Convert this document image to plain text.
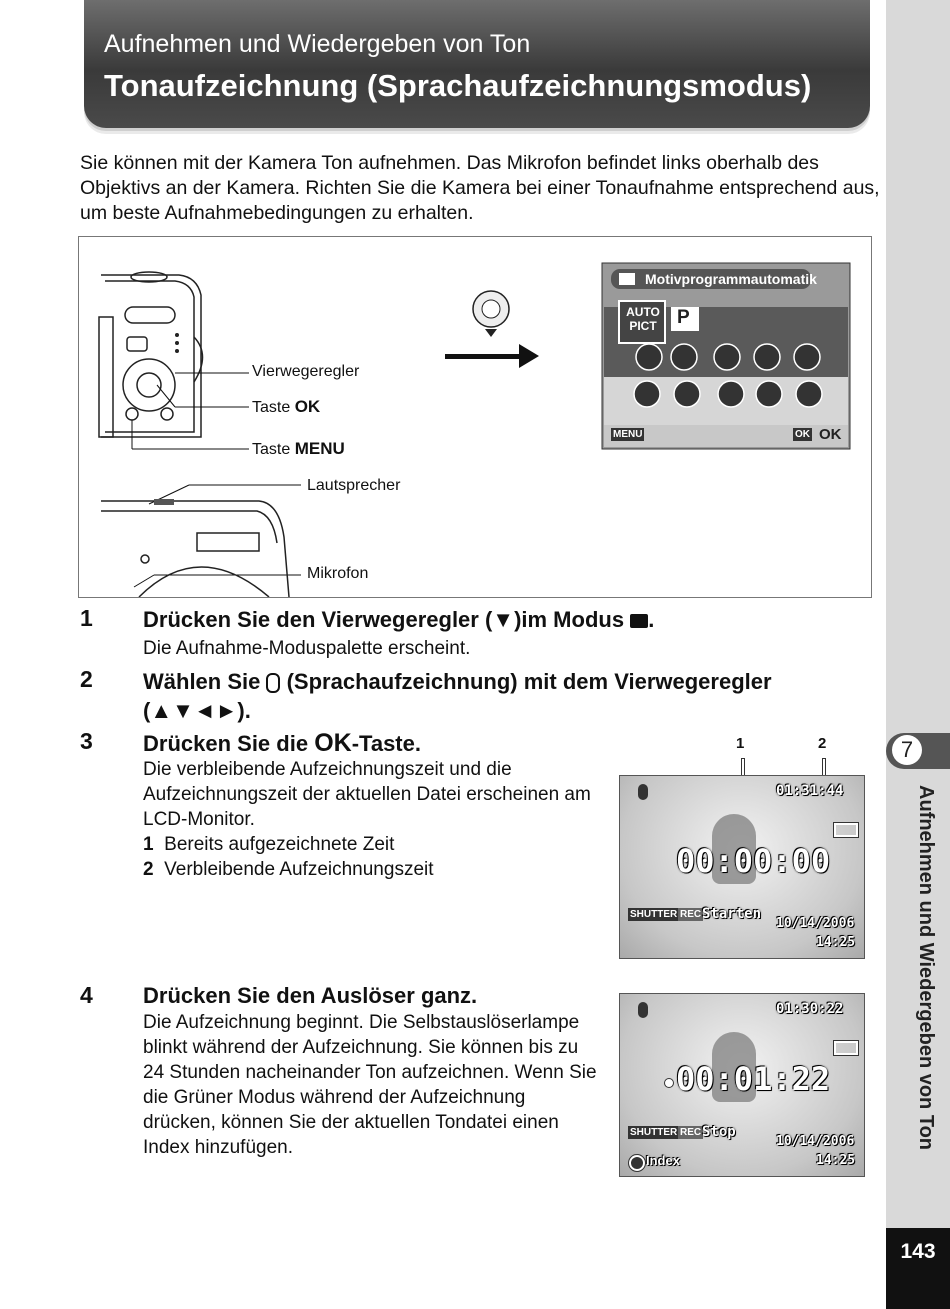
Aufnehmen und Wiedergeben von Ton
Tonaufzeichnung (Sprachaufzeichnungsmodus)
Sie können mit der Kamera Ton aufnehmen. Das Mikrofon befindet links oberhalb des Objektivs an der Kamera. Richten Sie die Kamera bei einer Tonaufnahme entsprechend aus, um beste Aufnahmebedingungen zu erhalten.
7
Aufnehmen und Wiedergeben von Ton
143
Vierwegeregler
Taste OK
Taste MENU
Lautsprecher
Mikrofon
Motivprogrammautomatik
AUTO PICT	P
MENU	OK OK
1 Drücken Sie den Vierwegeregler (▼)im Modus .
Die Aufnahme-Moduspalette erscheint.
2 Wählen Sie (Sprachaufzeichnung) mit dem Vierwegeregler
(▲▼◄►).
3 Drücken Sie die OK-Taste.
Die verbleibende Aufzeichnungszeit und die Aufzeichnungszeit der aktuellen Datei erscheinen am LCD-Monitor.
1 Bereits aufgezeichnete Zeit
2 Verbleibende Aufzeichnungszeit
1	2
01:31:44
00:00:00
SHUTTER REC Starten
10/14/2006
14:25
4 Drücken Sie den Auslöser ganz.
Die Aufzeichnung beginnt. Die Selbstauslöserlampe blinkt während der Aufzeichnung. Sie können bis zu 24 Stunden nacheinander Ton aufzeichnen. Wenn Sie die Grüner Modus während der Aufzeichnung drücken, können Sie der aktuellen Tondatei einen Index hinzufügen.
01:30:22
00:01:22
SHUTTER REC Stop
Index
10/14/2006
14:25
